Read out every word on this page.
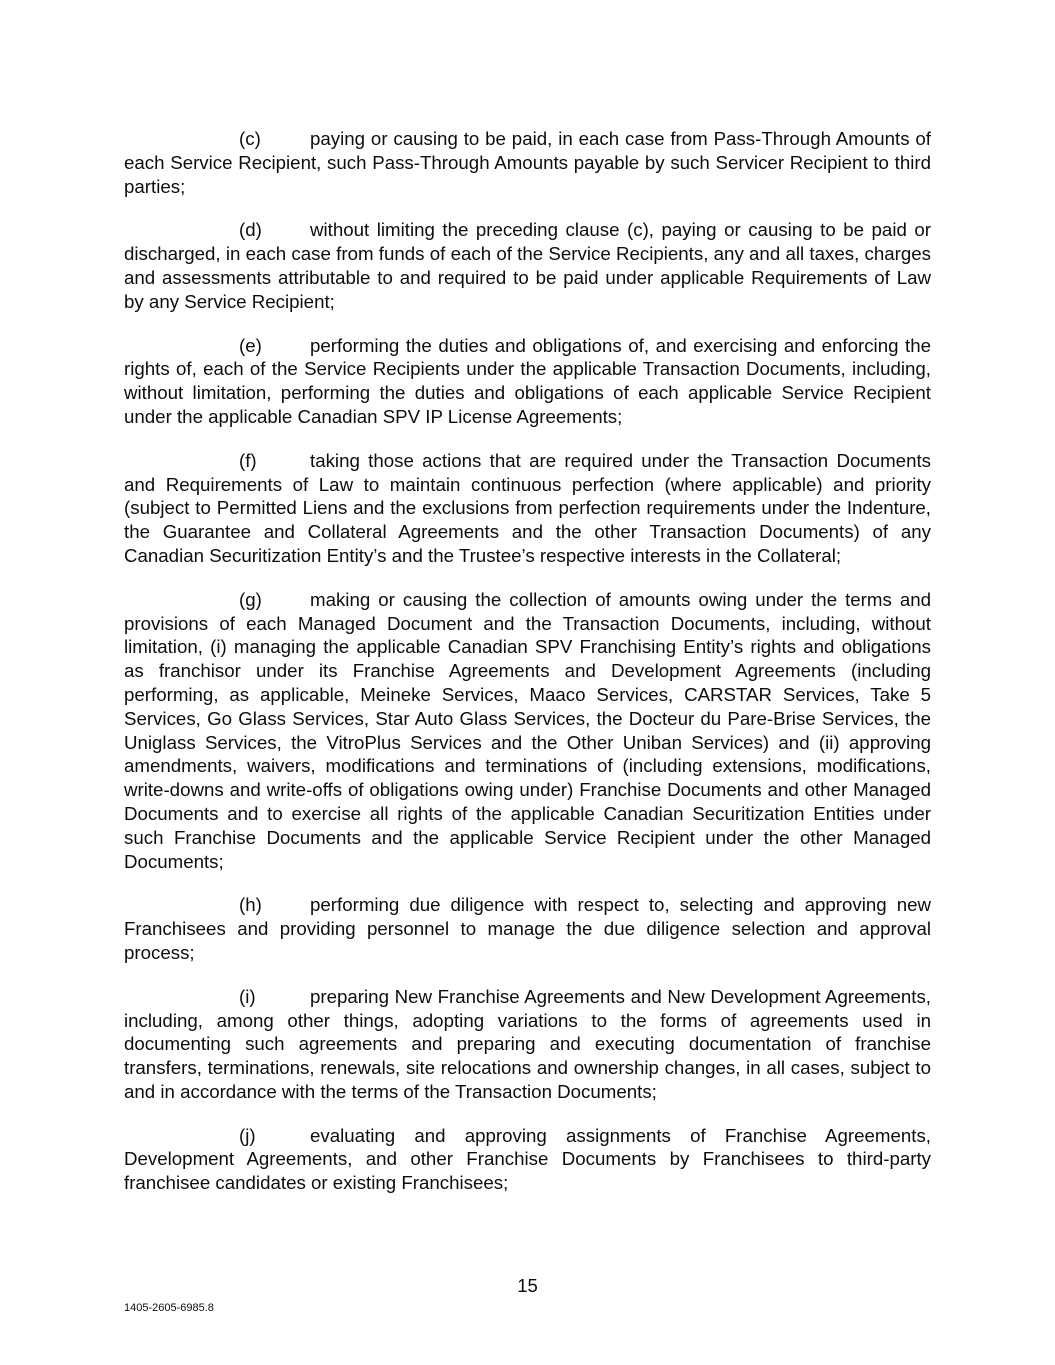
(c)	paying or causing to be paid, in each case from Pass-Through Amounts of each Service Recipient, such Pass-Through Amounts payable by such Servicer Recipient to third parties;

(d)	without limiting the preceding clause (c), paying or causing to be paid or discharged, in each case from funds of each of the Service Recipients, any and all taxes, charges and assessments attributable to and required to be paid under applicable Requirements of Law by any Service Recipient;

(e)	performing the duties and obligations of, and exercising and enforcing the rights of, each of the Service Recipients under the applicable Transaction Documents, including, without limitation, performing the duties and obligations of each applicable Service Recipient under the applicable Canadian SPV IP License Agreements;

(f)	taking those actions that are required under the Transaction Documents and Requirements of Law to maintain continuous perfection (where applicable) and priority (subject to Permitted Liens and the exclusions from perfection requirements under the Indenture, the Guarantee and Collateral Agreements and the other Transaction Documents) of any Canadian Securitization Entity’s and the Trustee’s respective interests in the Collateral;

(g)	making or causing the collection of amounts owing under the terms and provisions of each Managed Document and the Transaction Documents, including, without limitation, (i) managing the applicable Canadian SPV Franchising Entity’s rights and obligations as franchisor under its Franchise Agreements and Development Agreements (including performing, as applicable, Meineke Services, Maaco Services, CARSTAR Services, Take 5 Services, Go Glass Services, Star Auto Glass Services, the Docteur du Pare-Brise Services, the Uniglass Services, the VitroPlus Services and the Other Uniban Services) and (ii) approving amendments, waivers, modifications and terminations of (including extensions, modifications, write-downs and write-offs of obligations owing under) Franchise Documents and other Managed Documents and to exercise all rights of the applicable Canadian Securitization Entities under such Franchise Documents and the applicable Service Recipient under the other Managed Documents;

(h)	performing due diligence with respect to, selecting and approving new Franchisees and providing personnel to manage the due diligence selection and approval process;

(i)	preparing New Franchise Agreements and New Development Agreements, including, among other things, adopting variations to the forms of agreements used in documenting such agreements and preparing and executing documentation of franchise transfers, terminations, renewals, site relocations and ownership changes, in all cases, subject to and in accordance with the terms of the Transaction Documents;

(j)	evaluating and approving assignments of Franchise Agreements, Development Agreements, and other Franchise Documents by Franchisees to third-party franchisee candidates or existing Franchisees;

15
1405-2605-6985.8
